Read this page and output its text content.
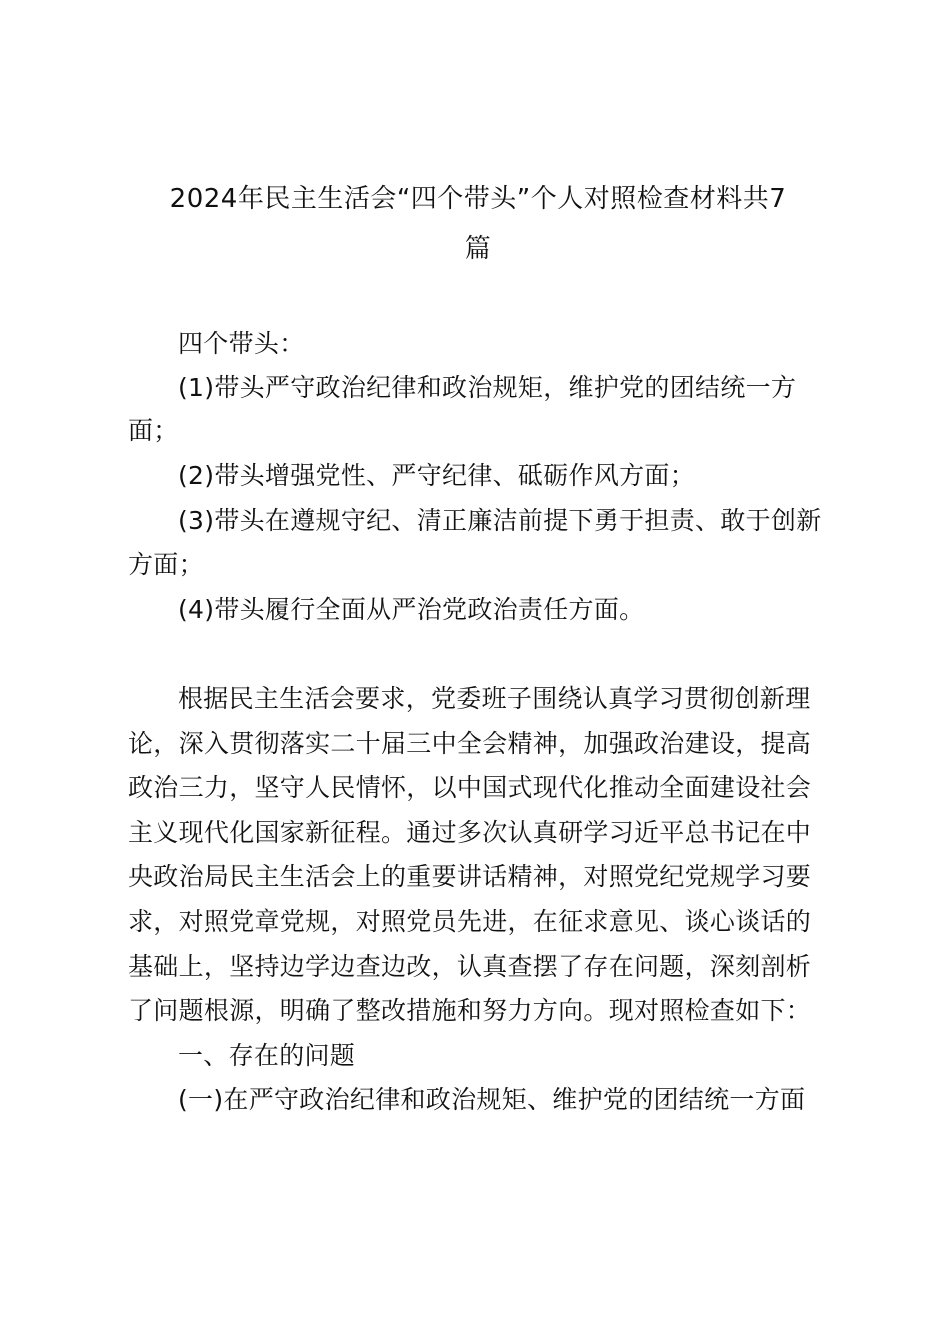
2024年民主生活会“四个带头”个人对照检查材料共7
篇
四个带头：
(1)带头严守政治纪律和政治规矩，维护党的团结统一方
面；
(2)带头增强党性、严守纪律、砥砺作风方面；
(3)带头在遵规守纪、清正廉洁前提下勇于担责、敢于创新
方面；
(4)带头履行全面从严治党政治责任方面。
根据民主生活会要求，党委班子围绕认真学习贯彻创新理
论，深入贯彻落实二十届三中全会精神，加强政治建设，提高
政治三力，坚守人民情怀，以中国式现代化推动全面建设社会
主义现代化国家新征程。通过多次认真研学习近平总书记在中
央政治局民主生活会上的重要讲话精神，对照党纪党规学习要
求，对照党章党规，对照党员先进，在征求意见、谈心谈话的
基础上，坚持边学边查边改，认真查摆了存在问题，深刻剖析
了问题根源，明确了整改措施和努力方向。现对照检查如下：
一、存在的问题
(一)在严守政治纪律和政治规矩、维护党的团结统一方面
